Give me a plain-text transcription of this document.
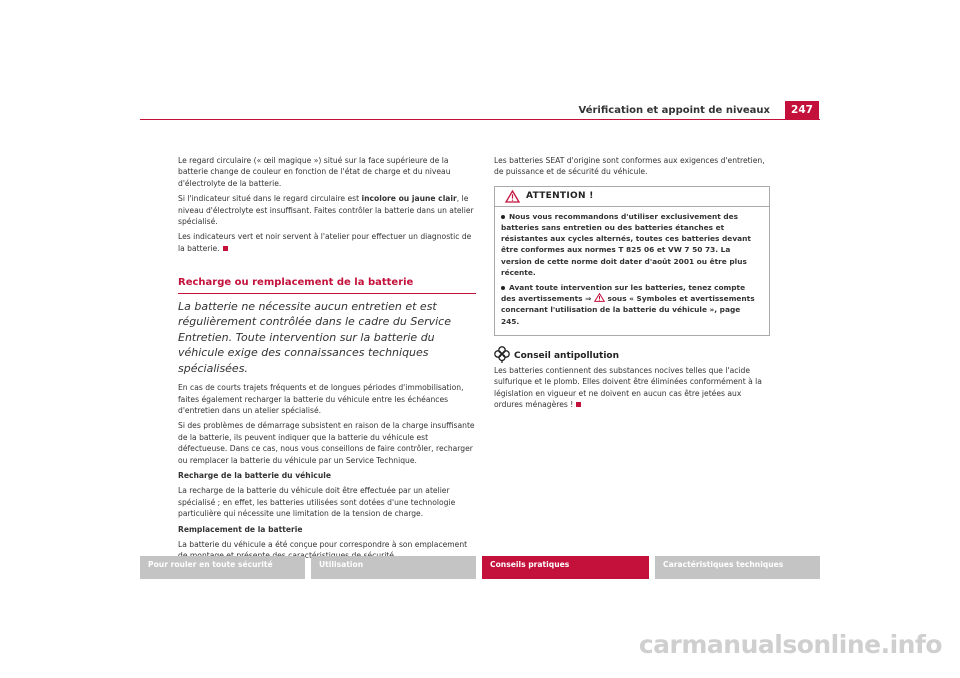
Vérification et appoint de niveaux	247

Le regard circulaire (« œil magique ») situé sur la face supérieure de la batterie change de couleur en fonction de l'état de charge et du niveau d'électrolyte de la batterie.

Si l'indicateur situé dans le regard circulaire est incolore ou jaune clair, le niveau d'électrolyte est insuffisant. Faites contrôler la batterie dans un atelier spécialisé.

Les indicateurs vert et noir servent à l'atelier pour effectuer un diagnostic de la batterie.

Recharge ou remplacement de la batterie
La batterie ne nécessite aucun entretien et est régulièrement contrôlée dans le cadre du Service Entretien. Toute intervention sur la batterie du véhicule exige des connaissances techniques spécialisées.

En cas de courts trajets fréquents et de longues périodes d'immobilisation, faites également recharger la batterie du véhicule entre les échéances d'entretien dans un atelier spécialisé.

Si des problèmes de démarrage subsistent en raison de la charge insuffisante de la batterie, ils peuvent indiquer que la batterie du véhicule est défectueuse. Dans ce cas, nous vous conseillons de faire contrôler, recharger ou remplacer la batterie du véhicule par un Service Technique.

Recharge de la batterie du véhicule

La recharge de la batterie du véhicule doit être effectuée par un atelier spécialisé ; en effet, les batteries utilisées sont dotées d'une technologie particulière qui nécessite une limitation de la tension de charge.

Remplacement de la batterie

La batterie du véhicule a été conçue pour correspondre à son emplacement

Les batteries SEAT d'origine sont conformes aux exigences d'entretien, de puissance et de sécurité du véhicule.

ATTENTION !

Nous vous recommandons d'utiliser exclusivement des batteries sans entretien ou des batteries étanches et résistantes aux cycles alternés, toutes ces batteries devant être conformes aux normes T 825 06 et VW 7 50 73. La version de cette norme doit dater d'août 2001 ou être plus récente.

Avant toute intervention sur les batteries, tenez compte des avertissements ⇒ sous « Symboles et avertissements concernant l'utilisation de la batterie du véhicule », page 245.

Conseil antipollution

Les batteries contiennent des substances nocives telles que l'acide sulfurique et le plomb. Elles doivent être éliminées conformément à la législation en vigueur et ne doivent en aucun cas être jetées aux ordures ménagères !

Pour rouler en toute sécurité	Utilisation	Conseils pratiques	Caractéristiques techniques
carmanualsonline.info
